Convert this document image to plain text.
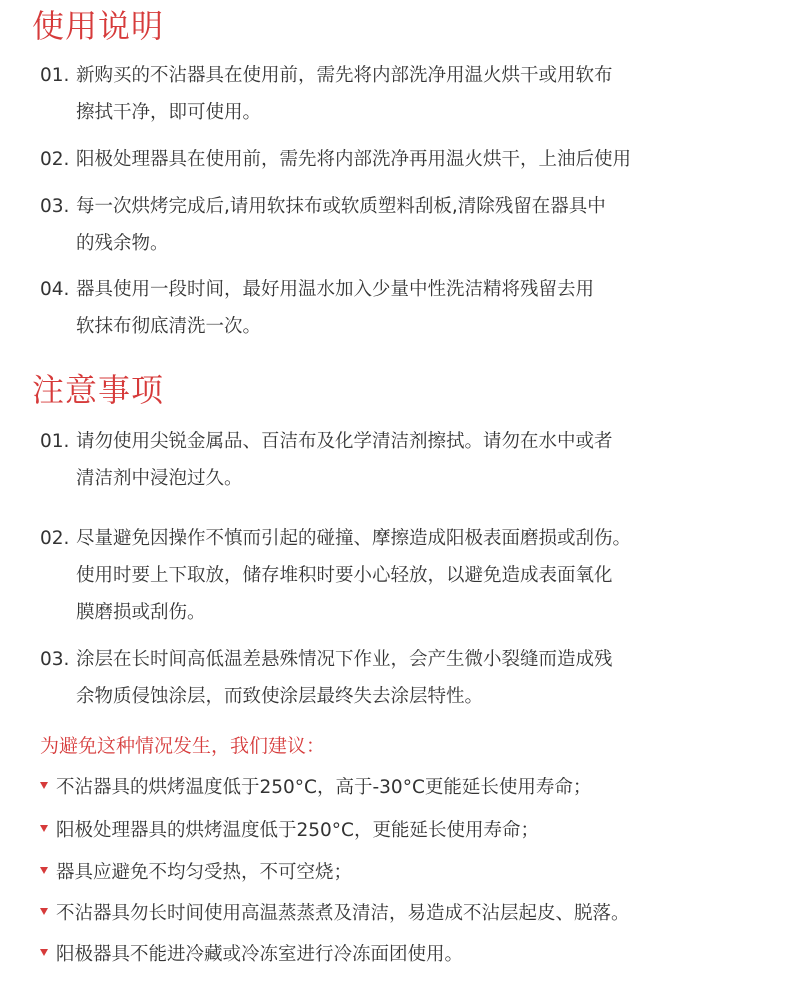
使用说明
01. 新购买的不沾器具在使用前，需先将内部洗净用温火烘干或用软布
擦拭干净，即可使用。
02. 阳极处理器具在使用前，需先将内部洗净再用温火烘干，上油后使用
03. 每一次烘烤完成后,请用软抹布或软质塑料刮板,清除残留在器具中
的残余物。
04. 器具使用一段时间，最好用温水加入少量中性洗洁精将残留去用
软抹布彻底清洗一次。
注意事项
01. 请勿使用尖锐金属品、百洁布及化学清洁剂擦拭。请勿在水中或者
清洁剂中浸泡过久。
02. 尽量避免因操作不慎而引起的碰撞、摩擦造成阳极表面磨损或刮伤。
使用时要上下取放，储存堆积时要小心轻放，以避免造成表面氧化
膜磨损或刮伤。
03. 涂层在长时间高低温差悬殊情况下作业，会产生微小裂缝而造成残
余物质侵蚀涂层，而致使涂层最终失去涂层特性。
为避免这种情况发生，我们建议：
不沾器具的烘烤温度低于250°C，高于-30°C更能延长使用寿命；
阳极处理器具的烘烤温度低于250°C，更能延长使用寿命；
器具应避免不均匀受热，不可空烧；
不沾器具勿长时间使用高温蒸蒸煮及清洁，易造成不沾层起皮、脱落。
阳极器具不能进冷藏或冷冻室进行冷冻面团使用。
